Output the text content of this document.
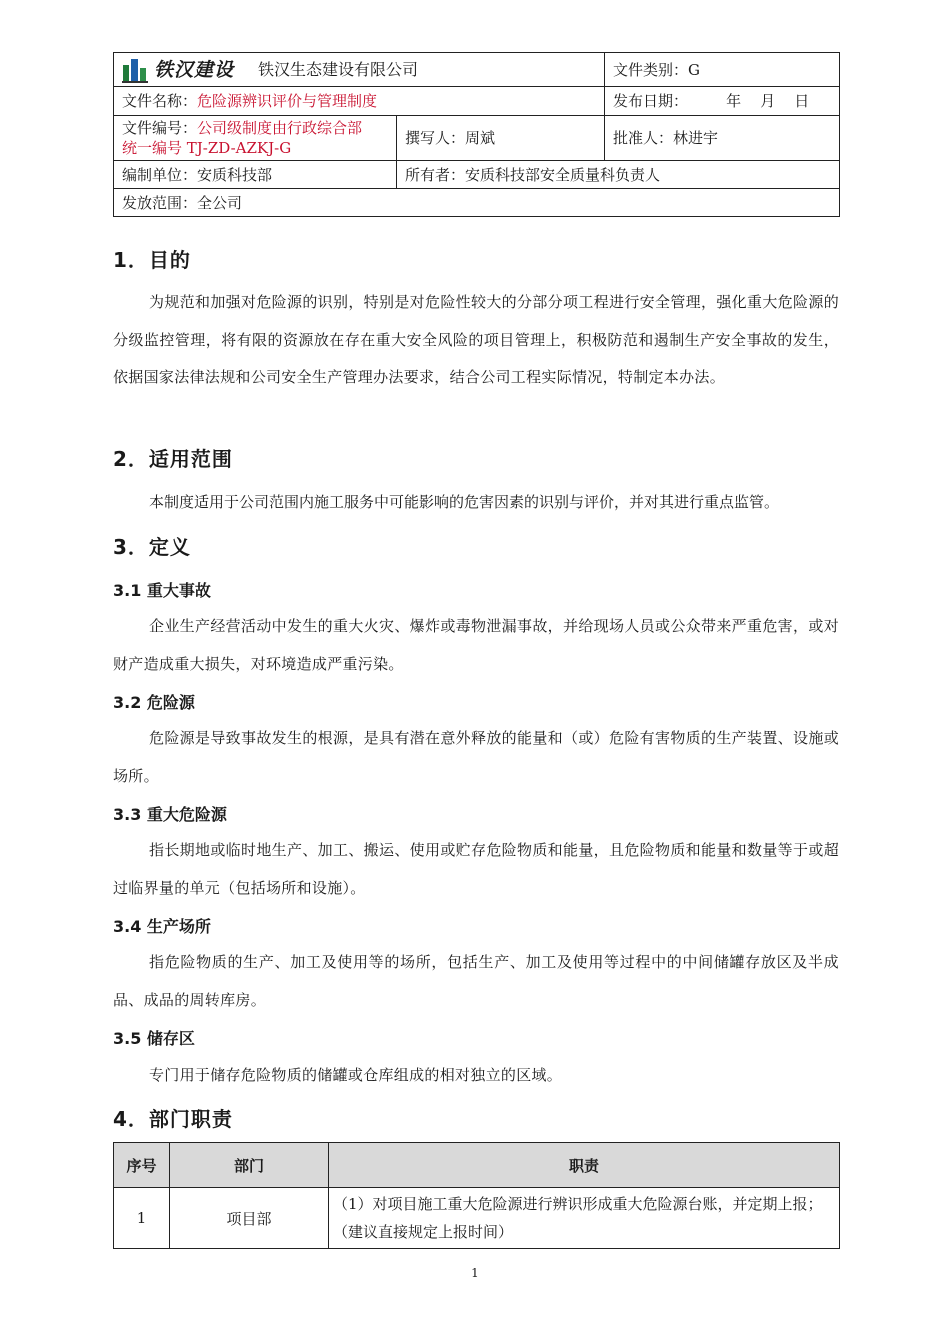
铁汉建设 铁汉生态建设有限公司		文件类别：G
文件名称：危险源辨识评价与管理制度		发布日期：        年    月    日
文件编号：公司级制度由行政综合部
统一编号 TJ-ZD-AZKJ-G	撰写人：周斌	批准人：林进宇
编制单位：安质科技部	所有者：安质科技部安全质量科负责人	
发放范围：全公司		
1．目的

为规范和加强对危险源的识别，特别是对危险性较大的分部分项工程进行安全管理，强化重大危险源的分级监控管理，将有限的资源放在存在重大安全风险的项目管理上，积极防范和遏制生产安全事故的发生，依据国家法律法规和公司安全生产管理办法要求，结合公司工程实际情况，特制定本办法。

2．适用范围

本制度适用于公司范围内施工服务中可能影响的危害因素的识别与评价，并对其进行重点监管。

3．定义
3.1 重大事故

企业生产经营活动中发生的重大火灾、爆炸或毒物泄漏事故，并给现场人员或公众带来严重危害，或对财产造成重大损失，对环境造成严重污染。

3.2 危险源

危险源是导致事故发生的根源，是具有潜在意外释放的能量和（或）危险有害物质的生产装置、设施或场所。

3.3 重大危险源

指长期地或临时地生产、加工、搬运、使用或贮存危险物质和能量，且危险物质和能量和数量等于或超过临界量的单元（包括场所和设施）。

3.4 生产场所

指危险物质的生产、加工及使用等的场所，包括生产、加工及使用等过程中的中间储罐存放区及半成品、成品的周转库房。

3.5 储存区

专门用于储存危险物质的储罐或仓库组成的相对独立的区域。

4．部门职责
序号	部门	职责
1	项目部	（1）对项目施工重大危险源进行辨识形成重大危险源台账，并定期上报；（建议直接规定上报时间）
1
